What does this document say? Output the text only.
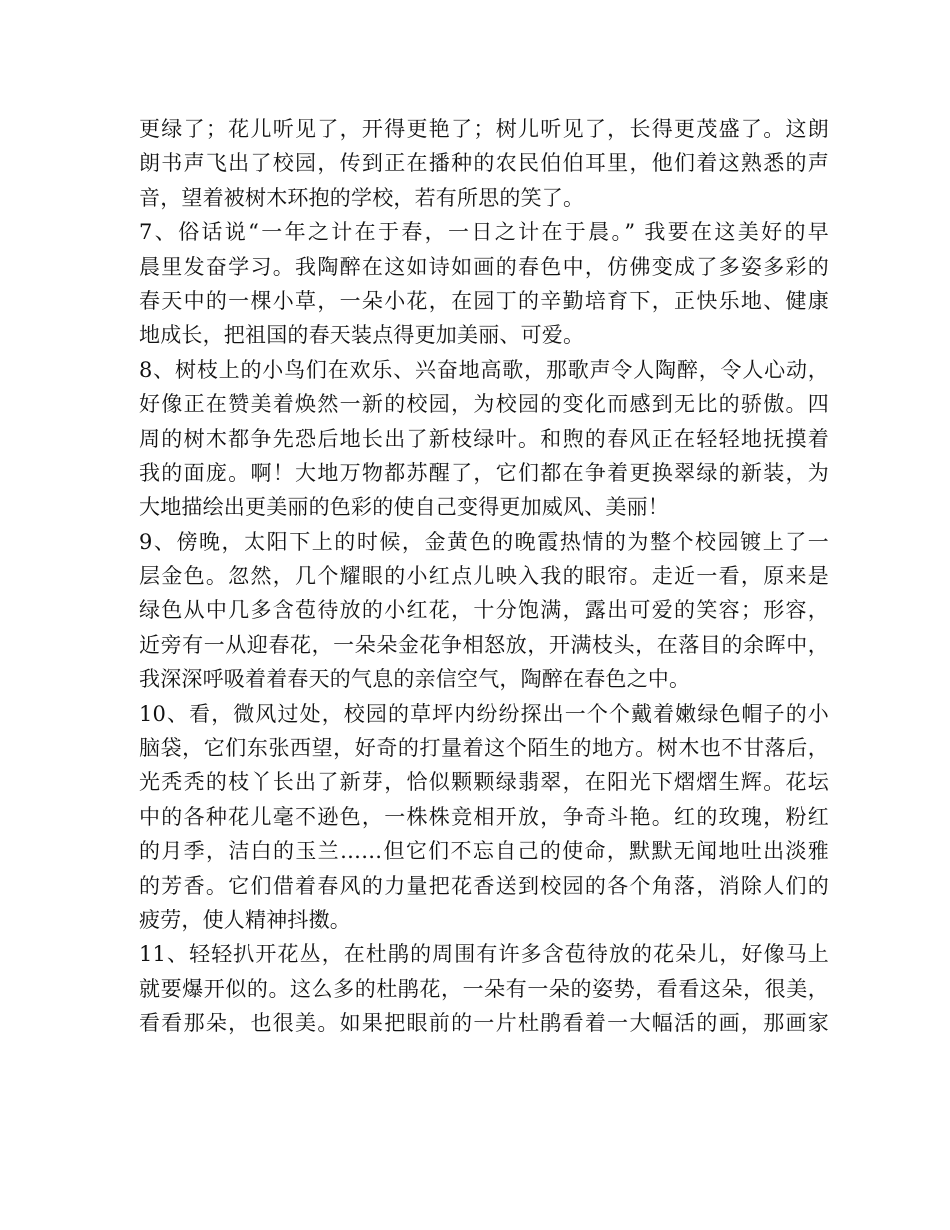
更绿了；花儿听见了，开得更艳了；树儿听见了，长得更茂盛了。这朗
朗书声飞出了校园，传到正在播种的农民伯伯耳里，他们着这熟悉的声
音，望着被树木环抱的学校，若有所思的笑了。
7、俗话说“一年之计在于春，一日之计在于晨。” 我要在这美好的早
晨里发奋学习。我陶醉在这如诗如画的春色中，仿佛变成了多姿多彩的
春天中的一棵小草，一朵小花，在园丁的辛勤培育下，正快乐地、健康
地成长，把祖国的春天装点得更加美丽、可爱。
8、树枝上的小鸟们在欢乐、兴奋地高歌，那歌声令人陶醉，令人心动，
好像正在赞美着焕然一新的校园，为校园的变化而感到无比的骄傲。四
周的树木都争先恐后地长出了新枝绿叶。和煦的春风正在轻轻地抚摸着
我的面庞。啊！大地万物都苏醒了，它们都在争着更换翠绿的新装，为
大地描绘出更美丽的色彩的使自己变得更加威风、美丽！
9、傍晚，太阳下上的时候，金黄色的晚霞热情的为整个校园镀上了一
层金色。忽然，几个耀眼的小红点儿映入我的眼帘。走近一看，原来是
绿色从中几多含苞待放的小红花，十分饱满，露出可爱的笑容；形容，
近旁有一从迎春花，一朵朵金花争相怒放，开满枝头，在落目的余晖中，
我深深呼吸着着春天的气息的亲信空气，陶醉在春色之中。
10、看，微风过处，校园的草坪内纷纷探出一个个戴着嫩绿色帽子的小
脑袋，它们东张西望，好奇的打量着这个陌生的地方。树木也不甘落后，
光秃秃的枝丫长出了新芽，恰似颗颗绿翡翠，在阳光下熠熠生辉。花坛
中的各种花儿毫不逊色，一株株竞相开放，争奇斗艳。红的玫瑰，粉红
的月季，洁白的玉兰……但它们不忘自己的使命，默默无闻地吐出淡雅
的芳香。它们借着春风的力量把花香送到校园的各个角落，消除人们的
疲劳，使人精神抖擞。
11、轻轻扒开花丛，在杜鹃的周围有许多含苞待放的花朵儿，好像马上
就要爆开似的。这么多的杜鹃花，一朵有一朵的姿势，看看这朵，很美，
看看那朵，也很美。如果把眼前的一片杜鹃看着一大幅活的画，那画家
